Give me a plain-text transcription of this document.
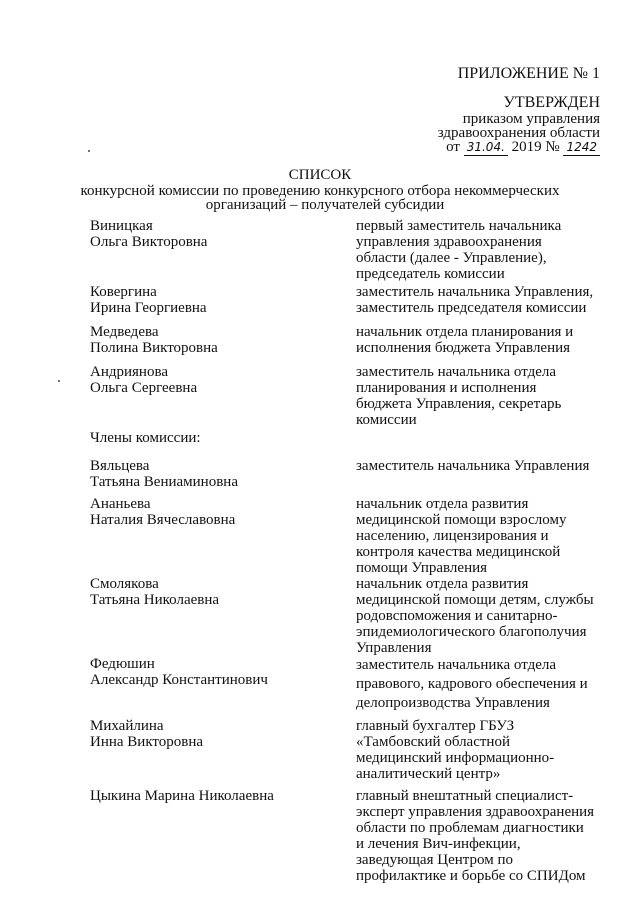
ПРИЛОЖЕНИЕ № 1
УТВЕРЖДЕН
приказом управления
здравоохранения области
от 31.04. 2019 № 1242
СПИСОК
конкурсной комиссии по проведению конкурсного отбора некоммерческих
организаций – получателей субсидии
Виницкая
Ольга Викторовна
первый заместитель начальника
управления здравоохранения
области (далее - Управление),
председатель комиссии
Ковергина
Ирина Георгиевна
заместитель начальника Управления,
заместитель председателя комиссии
Медведева
Полина Викторовна
начальник отдела планирования и
исполнения бюджета Управления
Андриянова
Ольга Сергеевна
заместитель начальника отдела
планирования и исполнения
бюджета Управления, секретарь
комиссии
Члены комиссии:
Вяльцева
Татьяна Вениаминовна
заместитель начальника Управления
Ананьева
Наталия Вячеславовна
начальник отдела развития
медицинской помощи взрослому
населению, лицензирования и
контроля качества медицинской
помощи Управления
Смолякова
Татьяна Николаевна
начальник отдела развития
медицинской помощи детям, службы
родовспоможения и санитарно-
эпидемиологического благополучия
Управления
Федюшин
Александр Константинович
заместитель начальника отдела
правового, кадрового обеспечения и
делопроизводства Управления
Михайлина
Инна Викторовна
главный бухгалтер ГБУЗ
«Тамбовский областной
медицинский информационно-
аналитический центр»
Цыкина Марина Николаевна	главный внештатный специалист-
эксперт управления здравоохранения
области по проблемам диагностики
и лечения Вич-инфекции,
заведующая Центром по
профилактике и борьбе со СПИДом
